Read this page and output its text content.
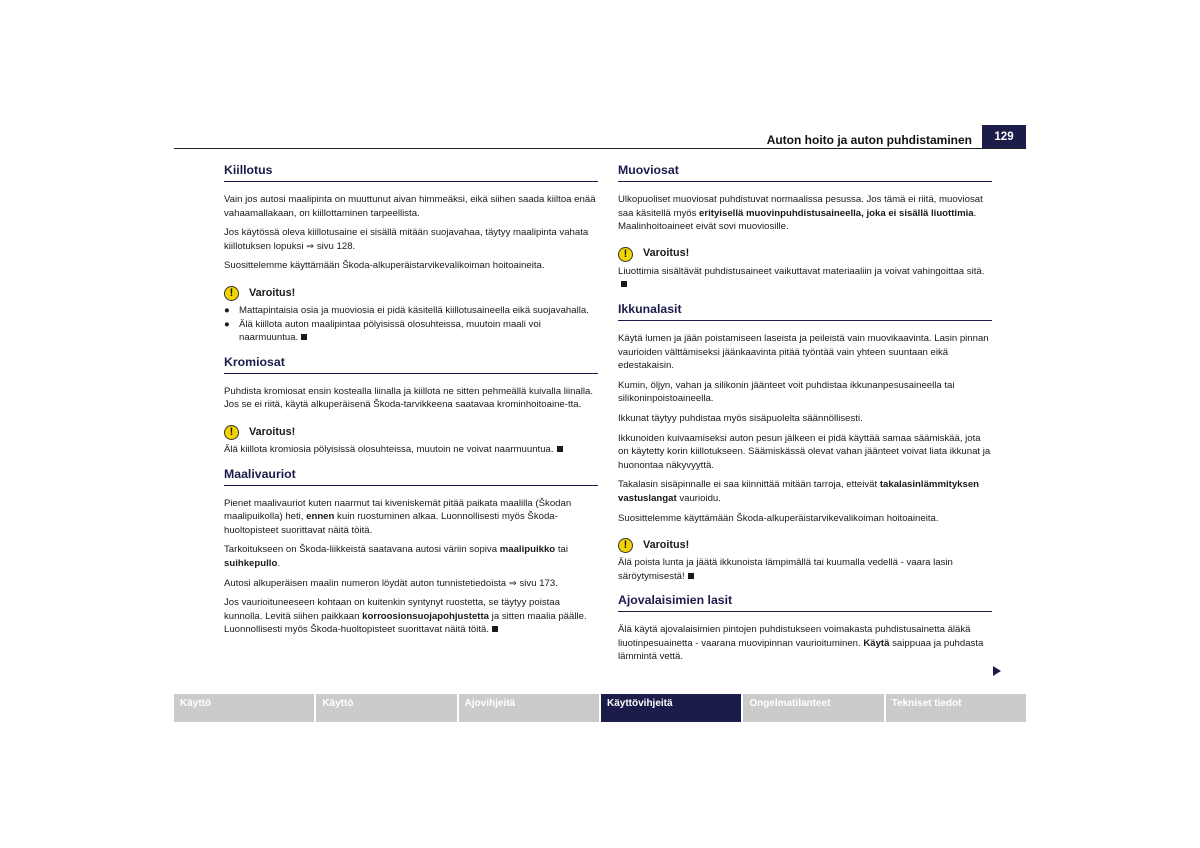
Auton hoito ja auton puhdistaminen	129
Kiillotus

Vain jos autosi maalipinta on muuttunut aivan himmeäksi, eikä siihen saada kiiltoa enää vahaamallakaan, on kiillottaminen tarpeellista.

Jos käytössä oleva kiillotusaine ei sisällä mitään suojavahaa, täytyy maalipinta vahata kiillotuksen lopuksi ⇒ sivu 128.

Suosittelemme käyttämään Škoda-alkuperäistarvikevalikoiman hoitoaineita.

!	Varoitus!
● Mattapintaisia osia ja muoviosia ei pidä käsitellä kiillotusaineella eikä suojavahalla.
● Älä kiillota auton maalipintaa pölyisissä olosuhteissa, muutoin maali voi naarmuuntua.
Kromiosat

Puhdista kromiosat ensin kostealla liinalla ja kiillota ne sitten pehmeällä kuivalla liinalla. Jos se ei riitä, käytä alkuperäisenä Škoda-tarvikkeena saatavaa krominhoitoaine-tta.

!	Varoitus!

Älä kiillota kromiosia pölyisissä olosuhteissa, muutoin ne voivat naarmuuntua.

Maalivauriot

Pienet maalivauriot kuten naarmut tai kiveniskemät pitää paikata maalilla (Škodan maalipuikolla) heti, ennen kuin ruostuminen alkaa. Luonnollisesti myös Škoda-huoltopisteet suorittavat näitä töitä.

Tarkoitukseen on Škoda-liikkeistä saatavana autosi väriin sopiva maalipuikko tai suihkepullo.

Autosi alkuperäisen maalin numeron löydät auton tunnistetiedoista ⇒ sivu 173.

Jos vaurioituneeseen kohtaan on kuitenkin syntynyt ruostetta, se täytyy poistaa kunnolla. Levitä siihen paikkaan korroosionsuojapohjustetta ja sitten maalia päälle. Luonnollisesti myös Škoda-huoltopisteet suorittavat näitä töitä.

Muoviosat

Ulkopuoliset muoviosat puhdistuvat normaalissa pesussa. Jos tämä ei riitä, muoviosat saa käsitellä myös erityisellä muovinpuhdistusaineella, joka ei sisällä liuottimia. Maalinhoitoaineet eivät sovi muoviosille.

!	Varoitus!

Liuottimia sisältävät puhdistusaineet vaikuttavat materiaaliin ja voivat vahingoittaa sitä.

Ikkunalasit

Käytä lumen ja jään poistamiseen laseista ja peileistä vain muovikaavinta. Lasin pinnan vaurioiden välttämiseksi jäänkaavinta pitää työntää vain yhteen suuntaan eikä edestakaisin.

Kumin, öljyn, vahan ja silikonin jäänteet voit puhdistaa ikkunanpesusaineella tai silikoninpoistoaineella.

Ikkunat täytyy puhdistaa myös sisäpuolelta säännöllisesti.

Ikkunoiden kuivaamiseksi auton pesun jälkeen ei pidä käyttää samaa säämiskää, jota on käytetty korin kiillotukseen. Säämiskässä olevat vahan jäänteet voivat liata ikkunat ja huonontaa näkyvyyttä.

Takalasin sisäpinnalle ei saa kiinnittää mitään tarroja, etteivät takalasinlämmityksen vastuslangat vaurioidu.

Suosittelemme käyttämään Škoda-alkuperäistarvikevalikoiman hoitoaineita.

!	Varoitus!

Älä poista lunta ja jäätä ikkunoista lämpimällä tai kuumalla vedellä - vaara lasin säröytymisestä!

Ajovalaisimien lasit

Älä käytä ajovalaisimien pintojen puhdistukseen voimakasta puhdistusainetta äläkä liuotinpesuainetta - vaarana muovipinnan vaurioituminen. Käytä saippuaa ja puhdasta lämmintä vettä.

Käyttö	Käyttö	Ajovihjeitä	Käyttövihjeitä	Ongelmatilanteet	Tekniset tiedot
